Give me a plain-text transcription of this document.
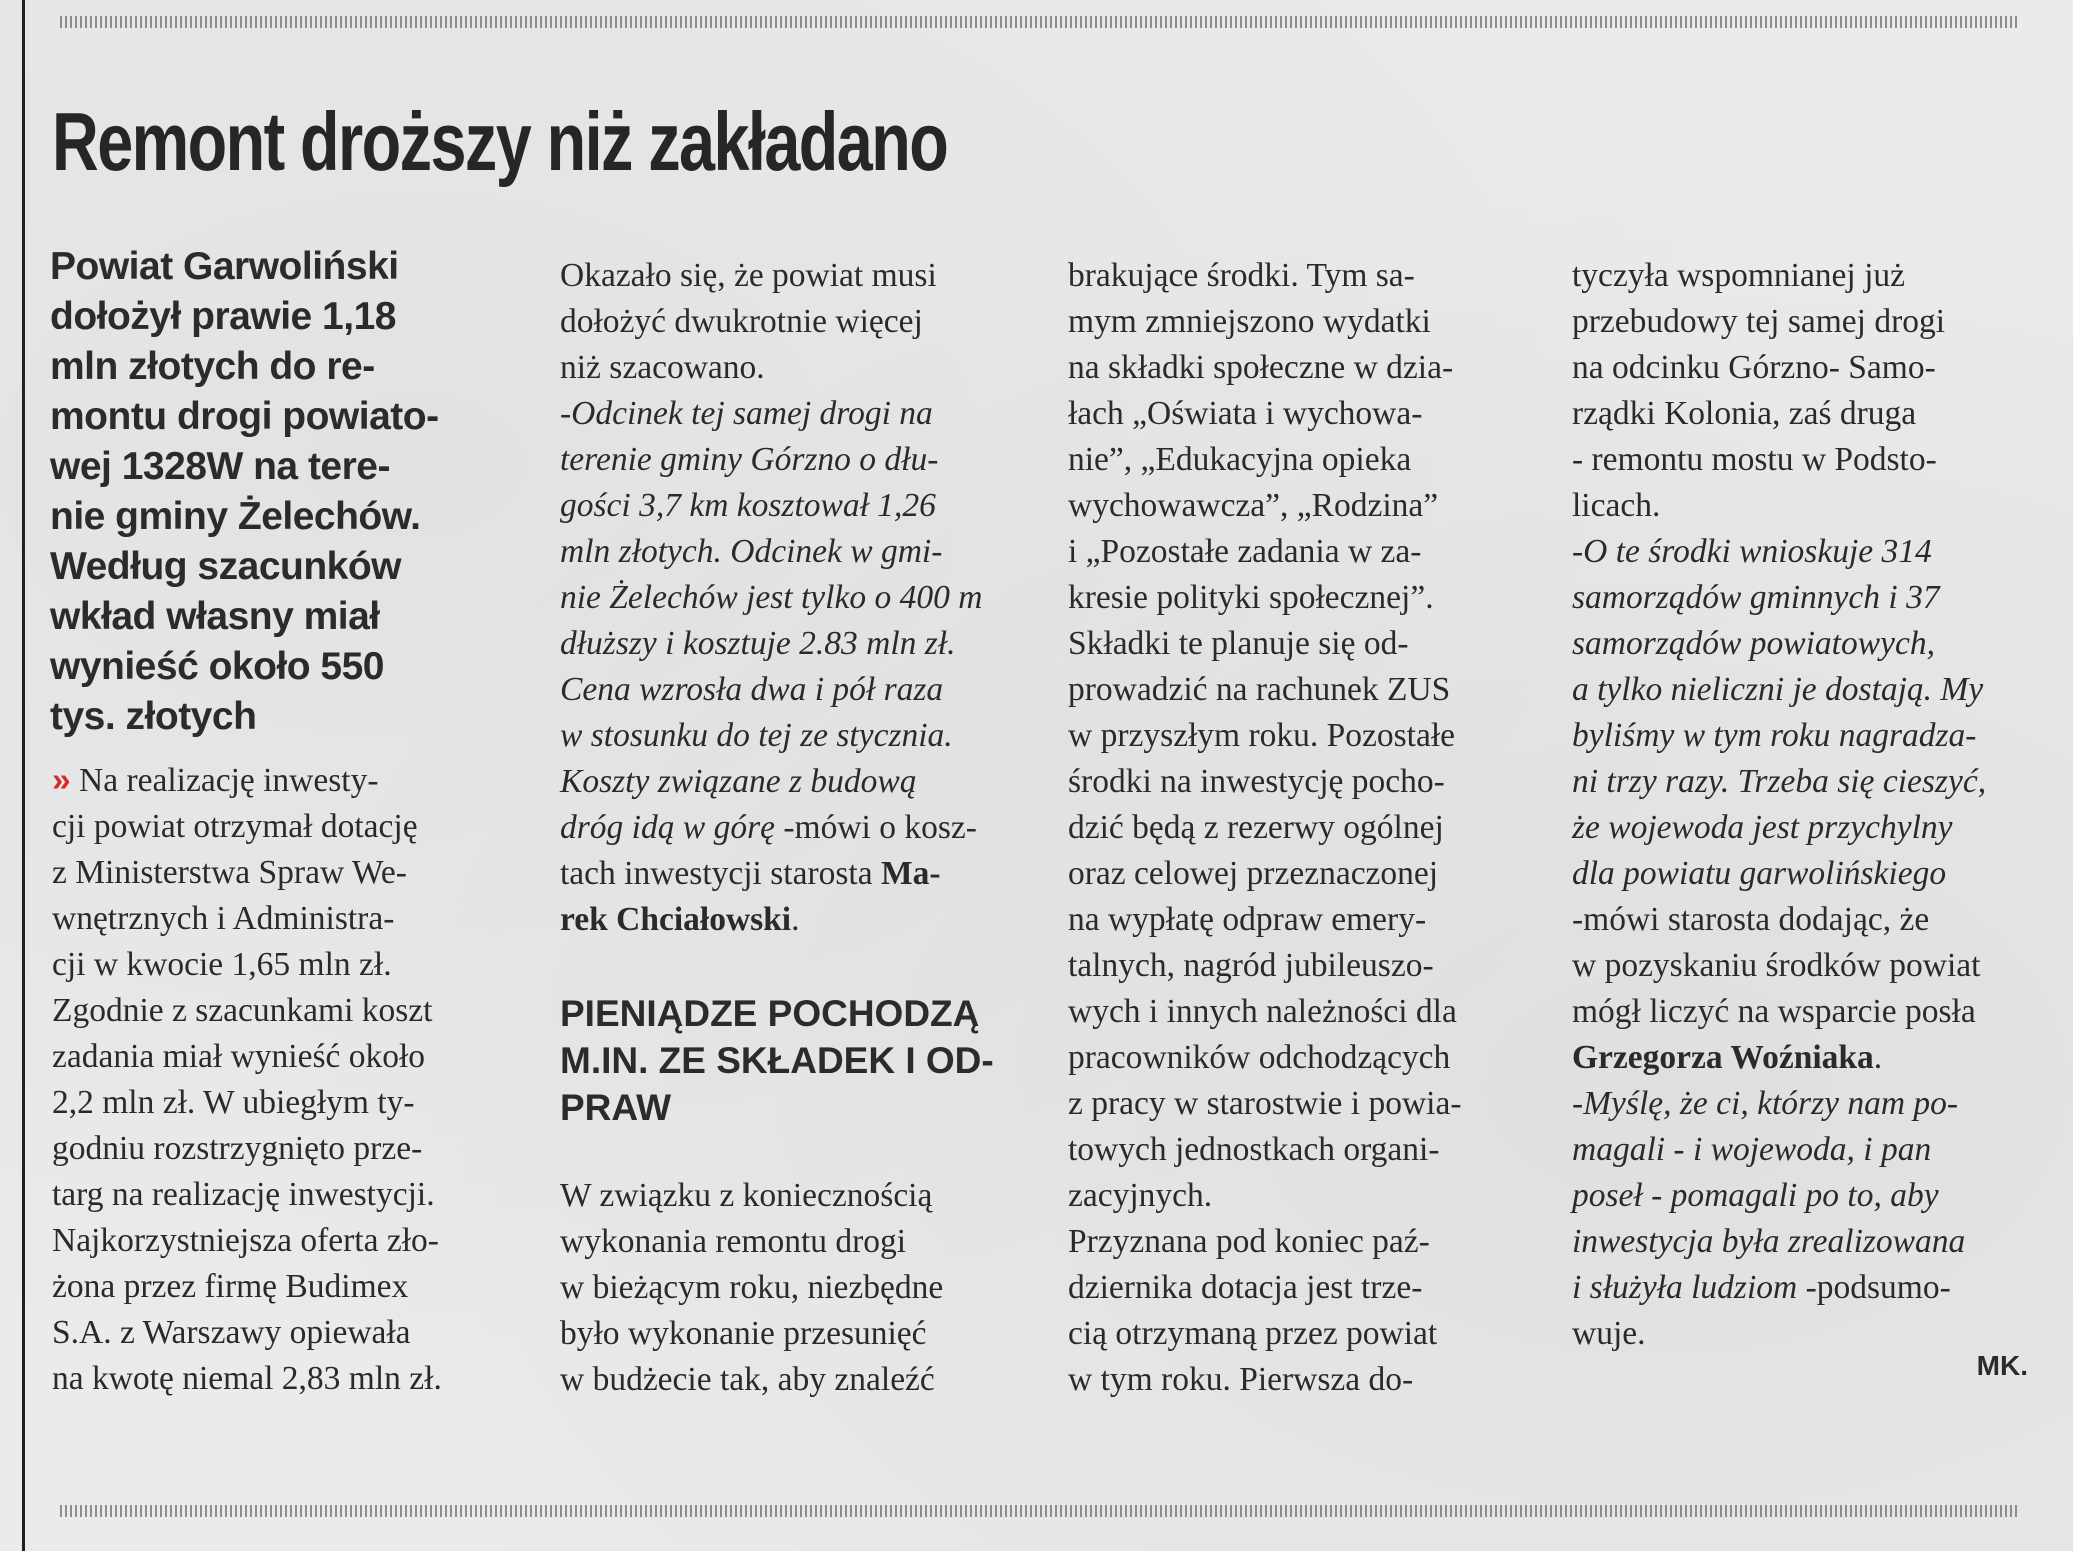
Remont droższy niż zakładano
Powiat Garwoliński
dołożył prawie 1,18
mln złotych do re-
montu drogi powiato-
wej 1328W na tere-
nie gminy Żelechów.
Według szacunków
wkład własny miał
wynieść około 550
tys. złotych
» Na realizację inwesty-
cji powiat otrzymał dotację
z Ministerstwa Spraw We-
wnętrznych i Administra-
cji w kwocie 1,65 mln zł.
Zgodnie z szacunkami koszt
zadania miał wynieść około
2,2 mln zł. W ubiegłym ty-
godniu rozstrzygnięto prze-
targ na realizację inwestycji.
Najkorzystniejsza oferta zło-
żona przez firmę Budimex
S.A. z Warszawy opiewała
na kwotę niemal 2,83 mln zł.
Okazało się, że powiat musi
dołożyć dwukrotnie więcej
niż szacowano.
-Odcinek tej samej drogi na
terenie gminy Górzno o dłu-
gości 3,7 km kosztował 1,26
mln złotych. Odcinek w gmi-
nie Żelechów jest tylko o 400 m
dłuższy i kosztuje 2.83 mln zł.
Cena wzrosła dwa i pół raza
w stosunku do tej ze stycznia.
Koszty związane z budową
dróg idą w górę -mówi o kosz-
tach inwestycji starosta Ma-
rek Chciałowski.
PIENIĄDZE POCHODZĄ
M.IN. ZE SKŁADEK I OD-
PRAW
W związku z koniecznością
wykonania remontu drogi
w bieżącym roku, niezbędne
było wykonanie przesunięć
w budżecie tak, aby znaleźć
brakujące środki. Tym sa-
mym zmniejszono wydatki
na składki społeczne w dzia-
łach „Oświata i wychowa-
nie”, „Edukacyjna opieka
wychowawcza”, „Rodzina”
i „Pozostałe zadania w za-
kresie polityki społecznej”.
Składki te planuje się od-
prowadzić na rachunek ZUS
w przyszłym roku. Pozostałe
środki na inwestycję pocho-
dzić będą z rezerwy ogólnej
oraz celowej przeznaczonej
na wypłatę odpraw emery-
talnych, nagród jubileuszo-
wych i innych należności dla
pracowników odchodzących
z pracy w starostwie i powia-
towych jednostkach organi-
zacyjnych.
Przyznana pod koniec paź-
dziernika dotacja jest trze-
cią otrzymaną przez powiat
w tym roku. Pierwsza do-
tyczyła wspomnianej już
przebudowy tej samej drogi
na odcinku Górzno- Samo-
rządki Kolonia, zaś druga
- remontu mostu w Podsto-
licach.
-O te środki wnioskuje 314
samorządów gminnych i 37
samorządów powiatowych,
a tylko nieliczni je dostają. My
byliśmy w tym roku nagradza-
ni trzy razy. Trzeba się cieszyć,
że wojewoda jest przychylny
dla powiatu garwolińskiego
-mówi starosta dodając, że
w pozyskaniu środków powiat
mógł liczyć na wsparcie posła
Grzegorza Woźniaka.
-Myślę, że ci, którzy nam po-
magali - i wojewoda, i pan
poseł - pomagali po to, aby
inwestycja była zrealizowana
i służyła ludziom -podsumo-
wuje.
MK.
